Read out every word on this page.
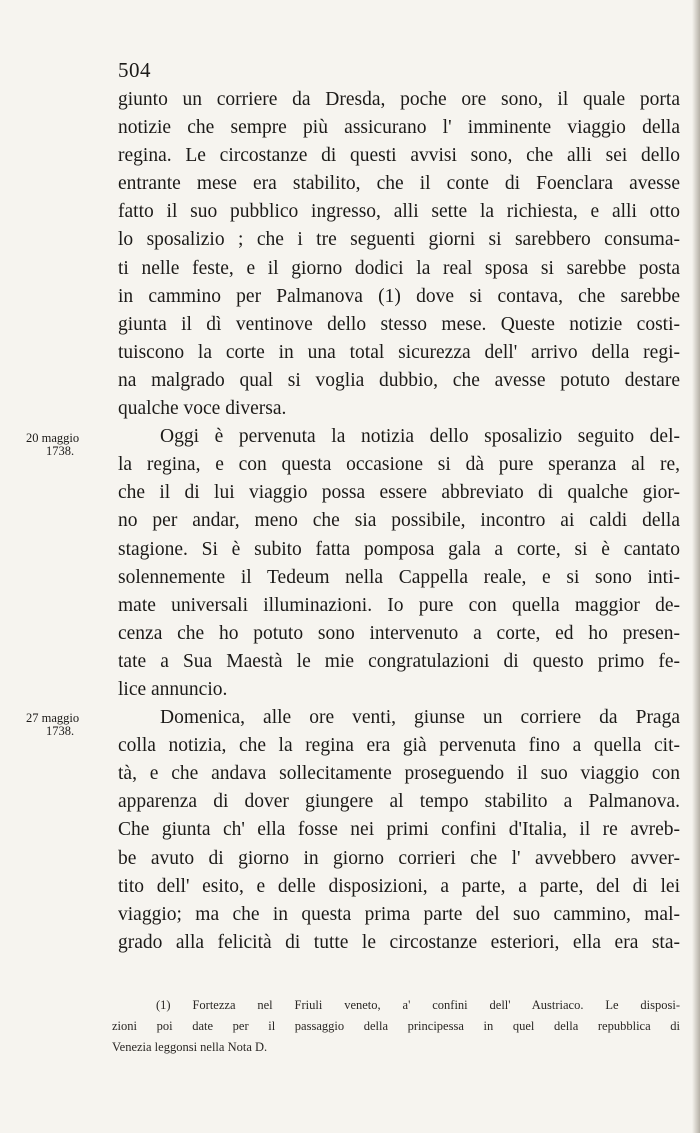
504
giunto un corriere da Dresda, poche ore sono, il quale porta
notizie che sempre più assicurano l' imminente viaggio della
regina. Le circostanze di questi avvisi sono, che alli sei dello
entrante mese era stabilito, che il conte di Foenclara avesse
fatto il suo pubblico ingresso, alli sette la richiesta, e alli otto
lo sposalizio ; che i tre seguenti giorni si sarebbero consuma-
ti nelle feste, e il giorno dodici la real sposa si sarebbe posta
in cammino per Palmanova (1) dove si contava, che sarebbe
giunta il dì ventinove dello stesso mese. Queste notizie costi-
tuiscono la corte in una total sicurezza dell' arrivo della regi-
na malgrado qual si voglia dubbio, che avesse potuto destare
qualche voce diversa.
Oggi è pervenuta la notizia dello sposalizio seguito del-
la regina, e con questa occasione si dà pure speranza al re,
che il di lui viaggio possa essere abbreviato di qualche gior-
no per andar, meno che sia possibile, incontro ai caldi della
stagione. Si è subito fatta pomposa gala a corte, si è cantato
solennemente il Tedeum nella Cappella reale, e si sono inti-
mate universali illuminazioni. Io pure con quella maggior de-
cenza che ho potuto sono intervenuto a corte, ed ho presen-
tate a Sua Maestà le mie congratulazioni di questo primo fe-
lice annuncio.
Domenica, alle ore venti, giunse un corriere da Praga
colla notizia, che la regina era già pervenuta fino a quella cit-
tà, e che andava sollecitamente proseguendo il suo viaggio con
apparenza di dover giungere al tempo stabilito a Palmanova.
Che giunta ch' ella fosse nei primi confini d'Italia, il re avreb-
be avuto di giorno in giorno corrieri che l' avvebbero avver-
tito dell' esito, e delle disposizioni, a parte, a parte, del di lei
viaggio; ma che in questa prima parte del suo cammino, mal-
grado alla felicità di tutte le circostanze esteriori, ella era sta-
20 maggio
1738.
27 maggio
1738.
(1) Fortezza nel Friuli veneto, a' confini dell' Austriaco. Le disposi-
zioni poi date per il passaggio della principessa in quel della repubblica di
Venezia leggonsi nella Nota D.
